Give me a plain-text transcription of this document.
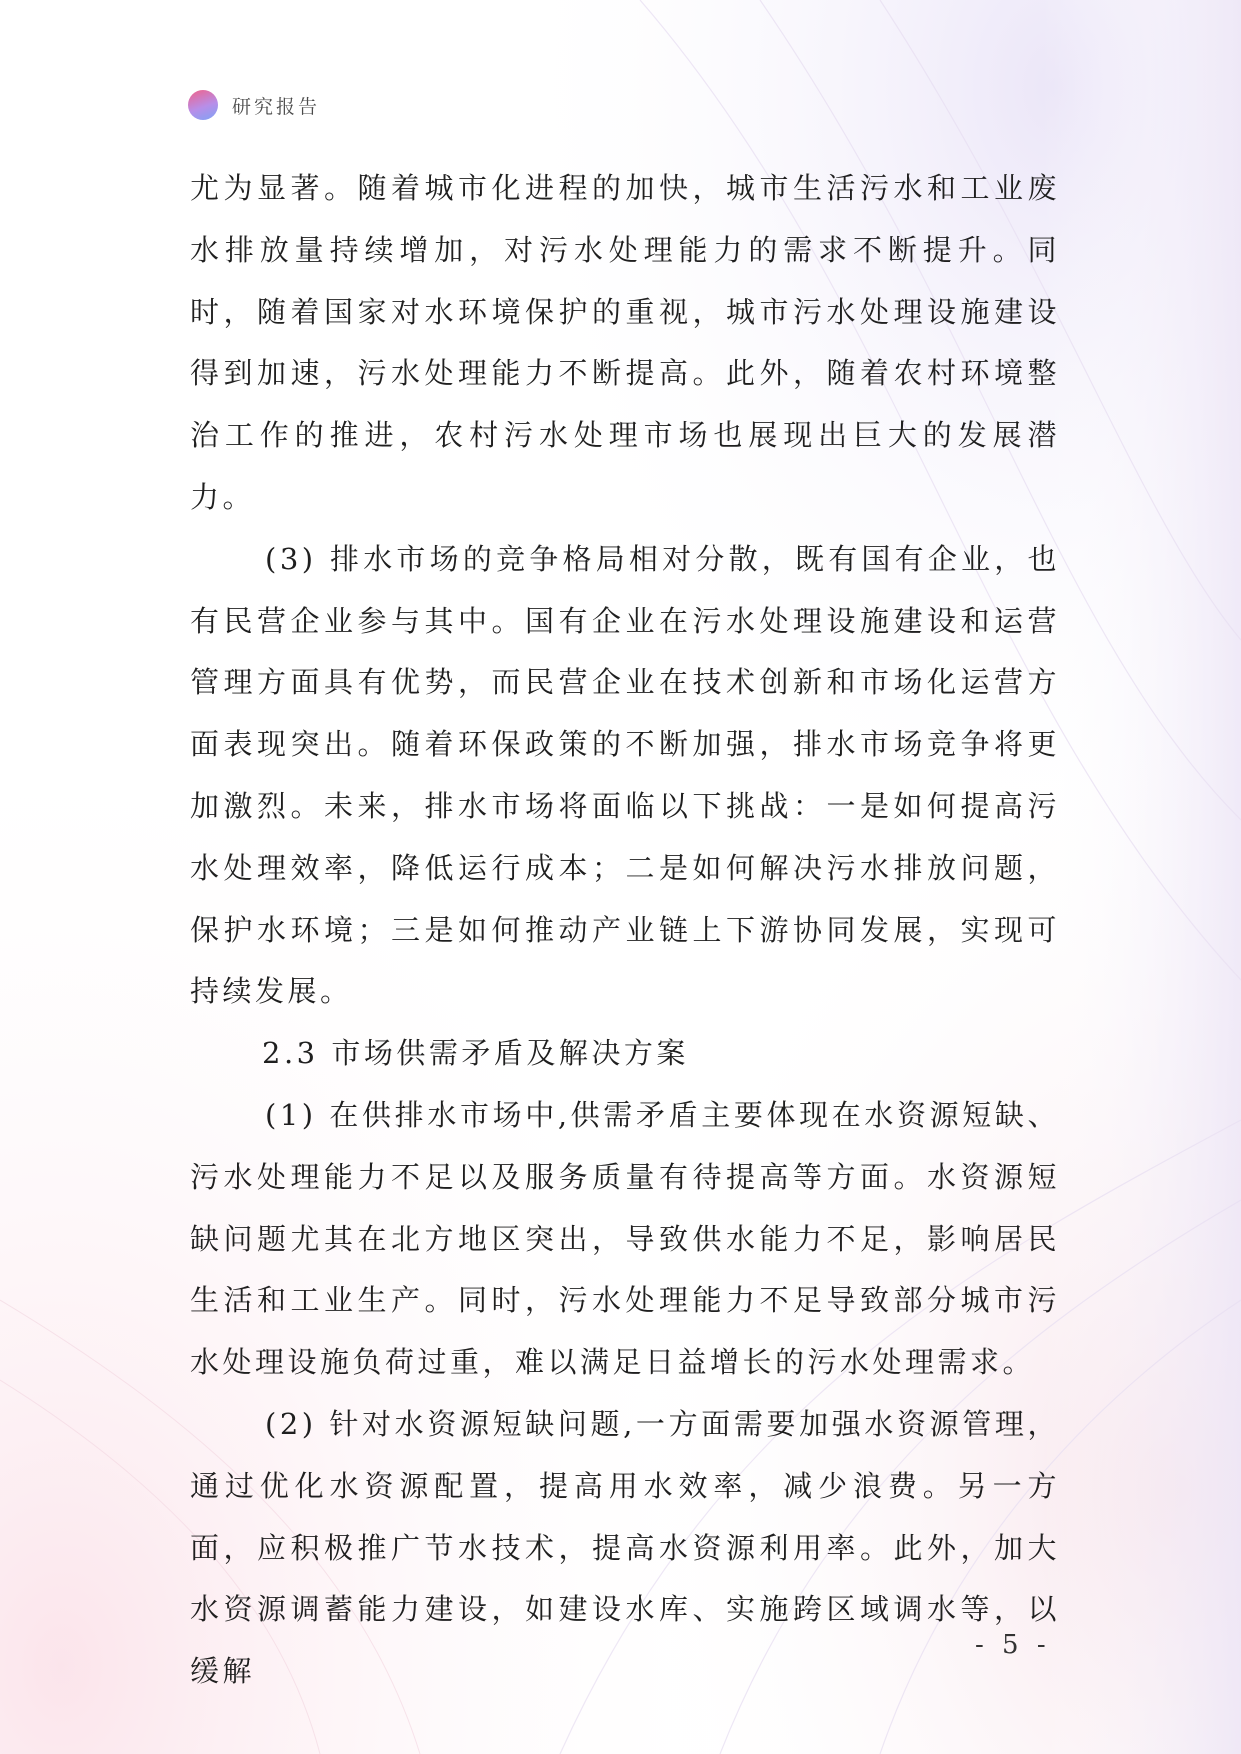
研究报告

尤为显著。随着城市化进程的加快，城市生活污水和工业废水排放量持续增加，对污水处理能力的需求不断提升。同时，随着国家对水环境保护的重视，城市污水处理设施建设得到加速，污水处理能力不断提高。此外，随着农村环境整治工作的推进，农村污水处理市场也展现出巨大的发展潜力。

(3) 排水市场的竞争格局相对分散，既有国有企业，也有民营企业参与其中。国有企业在污水处理设施建设和运营管理方面具有优势，而民营企业在技术创新和市场化运营方面表现突出。随着环保政策的不断加强，排水市场竞争将更加激烈。未来，排水市场将面临以下挑战：一是如何提高污水处理效率，降低运行成本；二是如何解决污水排放问题，保护水环境；三是如何推动产业链上下游协同发展，实现可持续发展。

2.3 市场供需矛盾及解决方案

(1) 在供排水市场中,供需矛盾主要体现在水资源短缺、污水处理能力不足以及服务质量有待提高等方面。水资源短缺问题尤其在北方地区突出，导致供水能力不足，影响居民生活和工业生产。同时，污水处理能力不足导致部分城市污水处理设施负荷过重，难以满足日益增长的污水处理需求。

(2) 针对水资源短缺问题,一方面需要加强水资源管理，通过优化水资源配置，提高用水效率，减少浪费。另一方面，应积极推广节水技术，提高水资源利用率。此外，加大水资源调蓄能力建设，如建设水库、实施跨区域调水等，以缓解

- 5 -
